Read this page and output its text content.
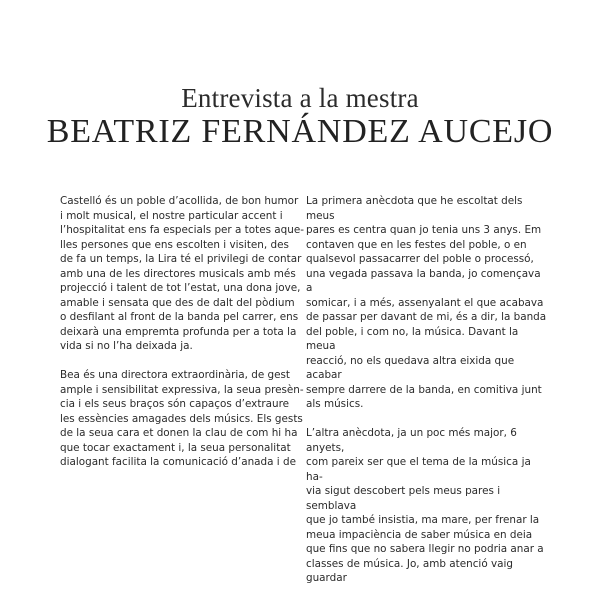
Entrevista a la mestra
BEATRIZ FERNÁNDEZ AUCEJO

Castelló és un poble d’acollida, de bon humor
i molt musical, el nostre particular accent i
l’hospitalitat ens fa especials per a totes aque-
lles persones que ens escolten i visiten, des
de fa un temps, la Lira té el privilegi de contar
amb una de les directores musicals amb més
projecció i talent de tot l’estat, una dona jove,
amable i sensata que des de dalt del pòdium
o desfilant al front de la banda pel carrer, ens
deixarà una empremta profunda per a tota la
vida si no l’ha deixada ja.

Bea és una directora extraordinària, de gest
ample i sensibilitat expressiva, la seua presèn-
cia i els seus braços són capaços d’extraure
les essències amagades dels músics. Els gests
de la seua cara et donen la clau de com hi ha
que tocar exactament i, la seua personalitat
dialogant facilita la comunicació d’anada i de

La primera anècdota que he escoltat dels meus
pares es centra quan jo tenia uns 3 anys. Em
contaven que en les festes del poble, o en
qualsevol passacarrer del poble o processó,
una vegada passava la banda, jo començava a
somicar, i a més, assenyalant el que acabava
de passar per davant de mi, és a dir, la banda
del poble, i com no, la música. Davant la meua
reacció, no els quedava altra eixida que acabar
sempre darrere de la banda, en comitiva junt
als músics.

L’altra anècdota, ja un poc més major, 6 anyets,
com pareix ser que el tema de la música ja ha-
via sigut descobert pels meus pares i semblava
que jo també insistia, ma mare, per frenar la
meua impaciència de saber música en deia
que fins que no sabera llegir no podria anar a
classes de música. Jo, amb atenció vaig guardar
